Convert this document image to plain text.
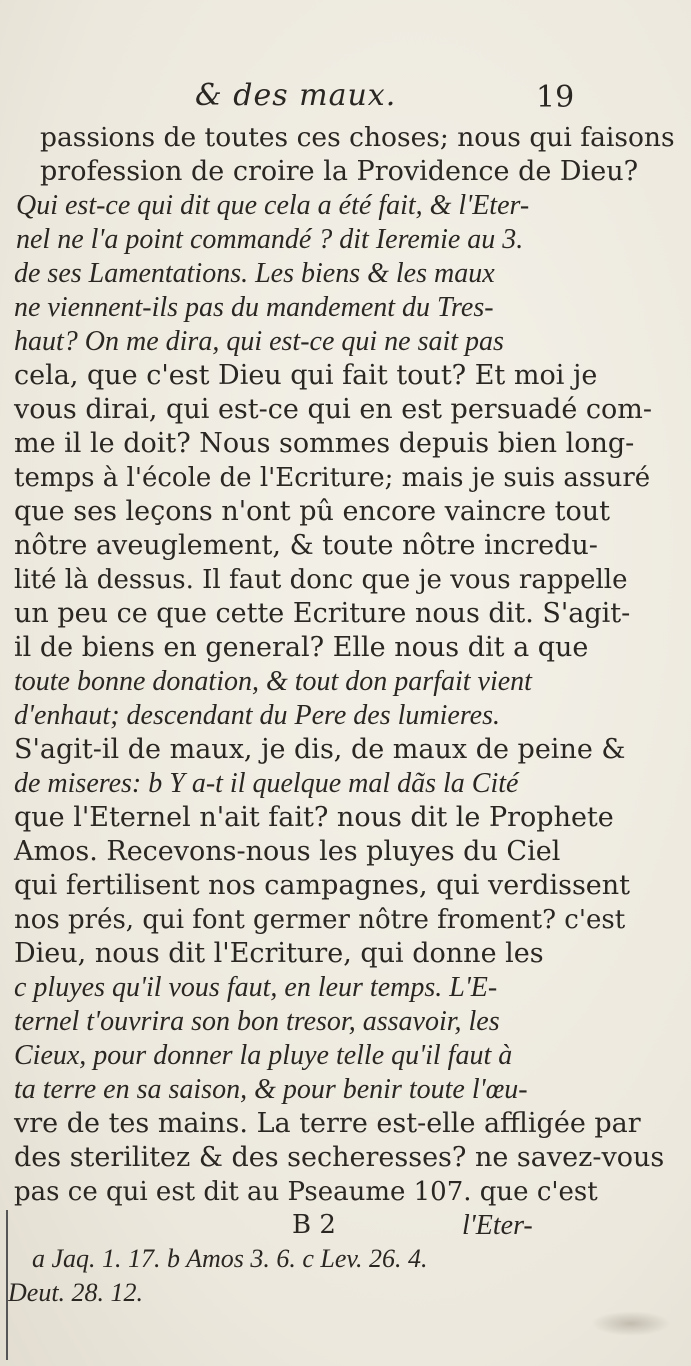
& des maux.	19
passions de toutes ces choses; nous qui faisons
profession de croire la Providence de Dieu?
Qui est-ce qui dit que cela a été fait, & l'Eter-
nel ne l'a point commandé ? dit Ieremie au 3.
de ses Lamentations. Les biens & les maux
ne viennent-ils pas du mandement du Tres-
haut? On me dira, qui est-ce qui ne sait pas
cela, que c'est Dieu qui fait tout? Et moi je
vous dirai, qui est-ce qui en est persuadé com-
me il le doit? Nous sommes depuis bien long-
temps à l'école de l'Ecriture; mais je suis assuré
que ses leçons n'ont pû encore vaincre tout
nôtre aveuglement, & toute nôtre incredu-
lité là dessus. Il faut donc que je vous rappelle
un peu ce que cette Ecriture nous dit. S'agit-
il de biens en general? Elle nous dit a que
toute bonne donation, & tout don parfait vient
d'enhaut; descendant du Pere des lumieres.
S'agit-il de maux, je dis, de maux de peine &
de miseres: b Y a-t il quelque mal dãs la Cité
que l'Eternel n'ait fait? nous dit le Prophete
Amos. Recevons-nous les pluyes du Ciel
qui fertilisent nos campagnes, qui verdissent
nos prés, qui font germer nôtre froment? c'est
Dieu, nous dit l'Ecriture, qui donne les
c pluyes qu'il vous faut, en leur temps. L'E-
ternel t'ouvrira son bon tresor, assavoir, les
Cieux, pour donner la pluye telle qu'il faut à
ta terre en sa saison, & pour benir toute l'œu-
vre de tes mains. La terre est-elle affligée par
des sterilitez & des secheresses? ne savez-vous
pas ce qui est dit au Pseaume 107. que c'est
B 2	l'Eter-
a Jaq. 1. 17. b Amos 3. 6. c Lev. 26. 4.
Deut. 28. 12.
